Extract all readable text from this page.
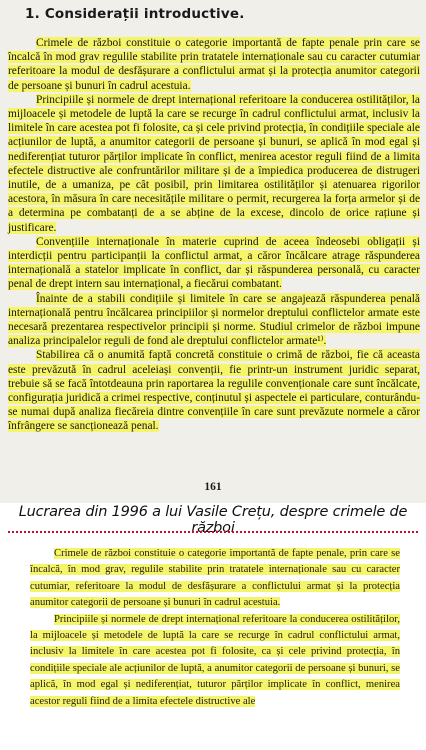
1. Considerații introductive.

Crimele de război constituie o categorie importantă de fapte penale prin care se încalcă în mod grav regulile stabilite prin tratatele internaționale sau cu caracter cutumiar referitoare la modul de desfășurare a conflictului armat și la protecția anumitor categorii de persoane și bunuri în cadrul acestuia.

Principiile și normele de drept internațional referitoare la conducerea ostilităților, la mijloacele și metodele de luptă la care se recurge în cadrul conflictului armat, inclusiv la limitele în care acestea pot fi folosite, ca și cele privind protecția, în condițiile speciale ale acțiunilor de luptă, a anumitor categorii de persoane și bunuri, se aplică în mod egal și nediferențiat tuturor părților implicate în conflict, menirea acestor reguli fiind de a limita efectele distructive ale confruntărilor militare și de a împiedica producerea de distrugeri inutile, de a umaniza, pe cât posibil, prin limitarea ostilităților și atenuarea rigorilor acestora, în măsura în care necesitățile militare o permit, recurgerea la forța armelor și de a determina pe combatanți de a se abține de la excese, dincolo de orice rațiune și justificare.

Convențiile internaționale în materie cuprind de aceea îndeosebi obligații și interdicții pentru participanții la conflictul armat, a căror încălcare atrage răspunderea internațională a statelor implicate în conflict, dar și răspunderea personală, cu caracter penal de drept intern sau internațional, a fiecărui combatant.

Înainte de a stabili condițiile și limitele în care se angajează răspunderea penală internațională pentru încălcarea principiilor și normelor dreptului conflictelor armate este necesară prezentarea respectivelor principii și norme. Studiul crimelor de război impune analiza principalelor reguli de fond ale dreptului conflictelor armate¹⁾.

Stabilirea că o anumită faptă concretă constituie o crimă de război, fie că aceasta este prevăzută în cadrul aceleiași convenții, fie printr-un instrument juridic separat, trebuie să se facă întotdeauna prin raportarea la regulile convenționale care sunt încălcate, configurația juridică a crimei respective, conținutul și aspectele ei particulare, conturându-se numai după analiza fiecăreia dintre convențiile în care sunt prevăzute normele a căror înfrângere se sancționează penal.

161
Lucrarea din 1996 a lui Vasile Crețu, despre crimele de război

Crimele de război constituie o categorie importantă de fapte penale, prin care se încalcă, în mod grav, regulile stabilite prin tratatele internaționale sau cu caracter cutumiar, referitoare la modul de desfășurare a conflictului armat și la protecția anumitor categorii de persoane și bunuri în cadrul acestuia.

Principiile și normele de drept internațional referitoare la conducerea ostilităților, la mijloacele și metodele de luptă la care se recurge în cadrul conflictului armat, inclusiv la limitele în care acestea pot fi folosite, ca și cele privind protecția, în condițiile speciale ale acțiunilor de luptă, a anumitor categorii de persoane și bunuri, se aplică, în mod egal și nediferențiat, tuturor părților implicate în conflict, menirea acestor reguli fiind de a limita efectele distructive ale
